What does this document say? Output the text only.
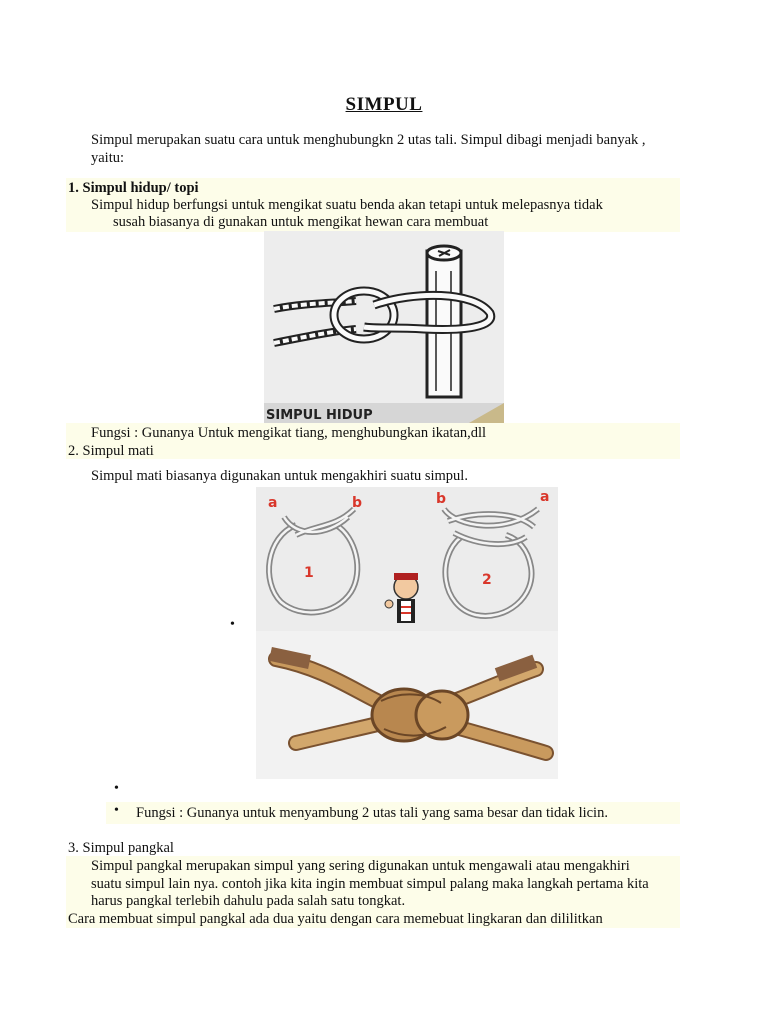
SIMPUL
Simpul merupakan suatu cara untuk menghubungkn 2 utas tali. Simpul dibagi menjadi banyak ,
yaitu:
1. Simpul hidup/ topi
Simpul hidup berfungsi untuk mengikat suatu benda akan tetapi untuk melepasnya tidak
susah biasanya di gunakan untuk mengikat hewan cara membuat
SIMPUL HIDUP
Fungsi : Gunanya Untuk mengikat tiang, menghubungkan ikatan,dll
2. Simpul mati
Simpul mati biasanya digunakan untuk mengakhiri suatu simpul.
•
a	b
1
b	a
2
•
• Fungsi : Gunanya untuk menyambung 2 utas tali yang sama besar dan tidak licin.
3. Simpul pangkal
Simpul pangkal merupakan simpul yang sering digunakan untuk mengawali atau mengakhiri
suatu simpul lain nya. contoh jika kita ingin membuat simpul palang maka langkah pertama kita
harus pangkal terlebih dahulu pada salah satu tongkat.
Cara membuat simpul pangkal ada dua yaitu dengan cara memebuat lingkaran dan dililitkan
